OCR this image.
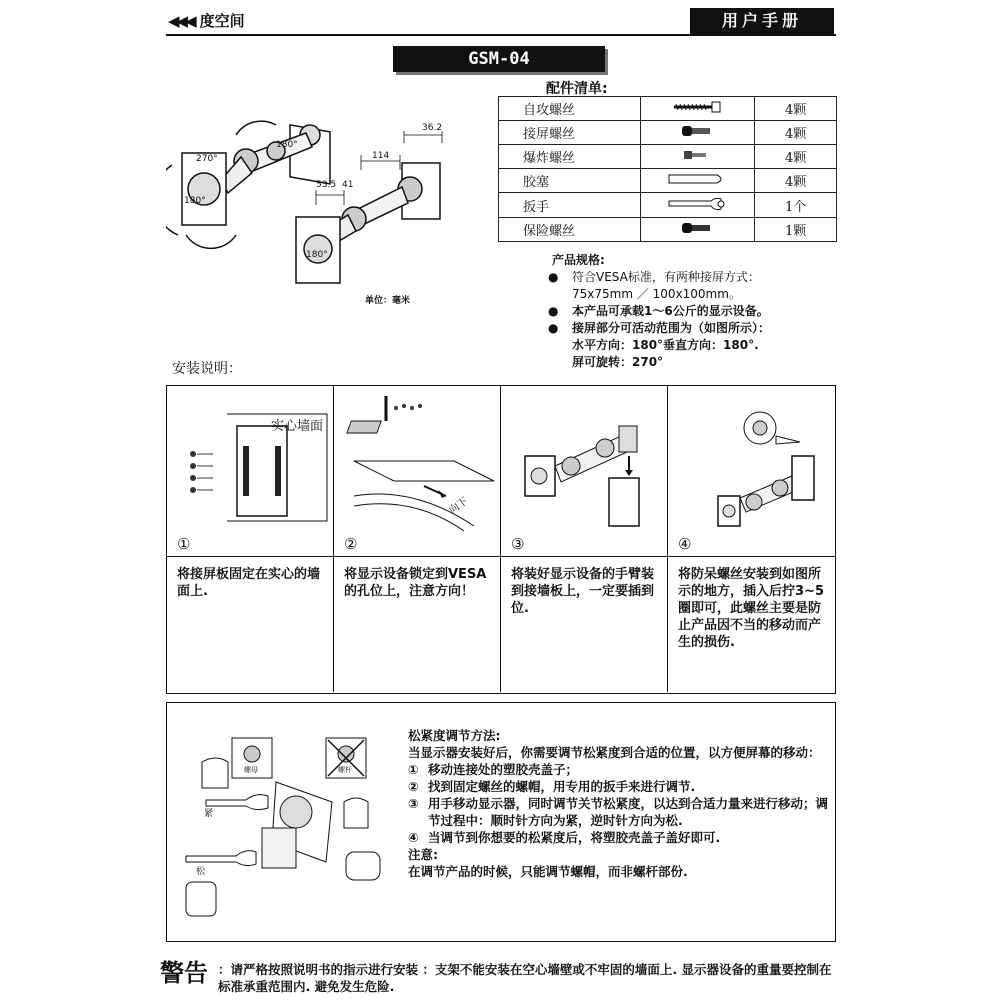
◀◀◀ 度空间	用户手册
GSM-04
36.2
114
41
53.5
270°
180°
180°
180°
单位：毫米
配件清单:
自攻螺丝		4颗
接屏螺丝		4颗
爆炸螺丝		4颗
胶塞		4颗
扳手		1个
保险螺丝		1颗
产品规格:
● 符合VESA标准，有两种接屏方式：
75x75mm ／ 100x100mm。
● 本产品可承载1～6公斤的显示设备。
● 接屏部分可活动范围为（如图所示）：
水平方向：180°垂直方向：180°.
屏可旋转：270°
安装说明：
实心墙面
①
将接屏板固定在实心的墙面上.
向下
②
将显示设备锁定到VESA的孔位上，注意方向！
③
将装好显示设备的手臂装到接墙板上，一定要插到位.
④
将防呆螺丝安装到如图所示的地方，插入后拧3~5圈即可，此螺丝主要是防止产品因不当的移动而产生的损伤.
螺母	螺杆
紧
松
松紧度调节方法:
当显示器安装好后，你需要调节松紧度到合适的位置，以方便屏幕的移动：
① 移动连接处的塑胶壳盖子；
② 找到固定螺丝的螺帽，用专用的扳手来进行调节.
③ 用手移动显示器，同时调节关节松紧度，以达到合适力量来进行移动；调节过程中：顺时针方向为紧，逆时针方向为松.
④ 当调节到你想要的松紧度后，将塑胶壳盖子盖好即可.
注意:
在调节产品的时候，只能调节螺帽，而非螺杆部份.
警告 ：请严格按照说明书的指示进行安装 ：支架不能安装在空心墙壁或不牢固的墙面上. 显示器设备的重量要控制在标准承重范围内. 避免发生危险.
